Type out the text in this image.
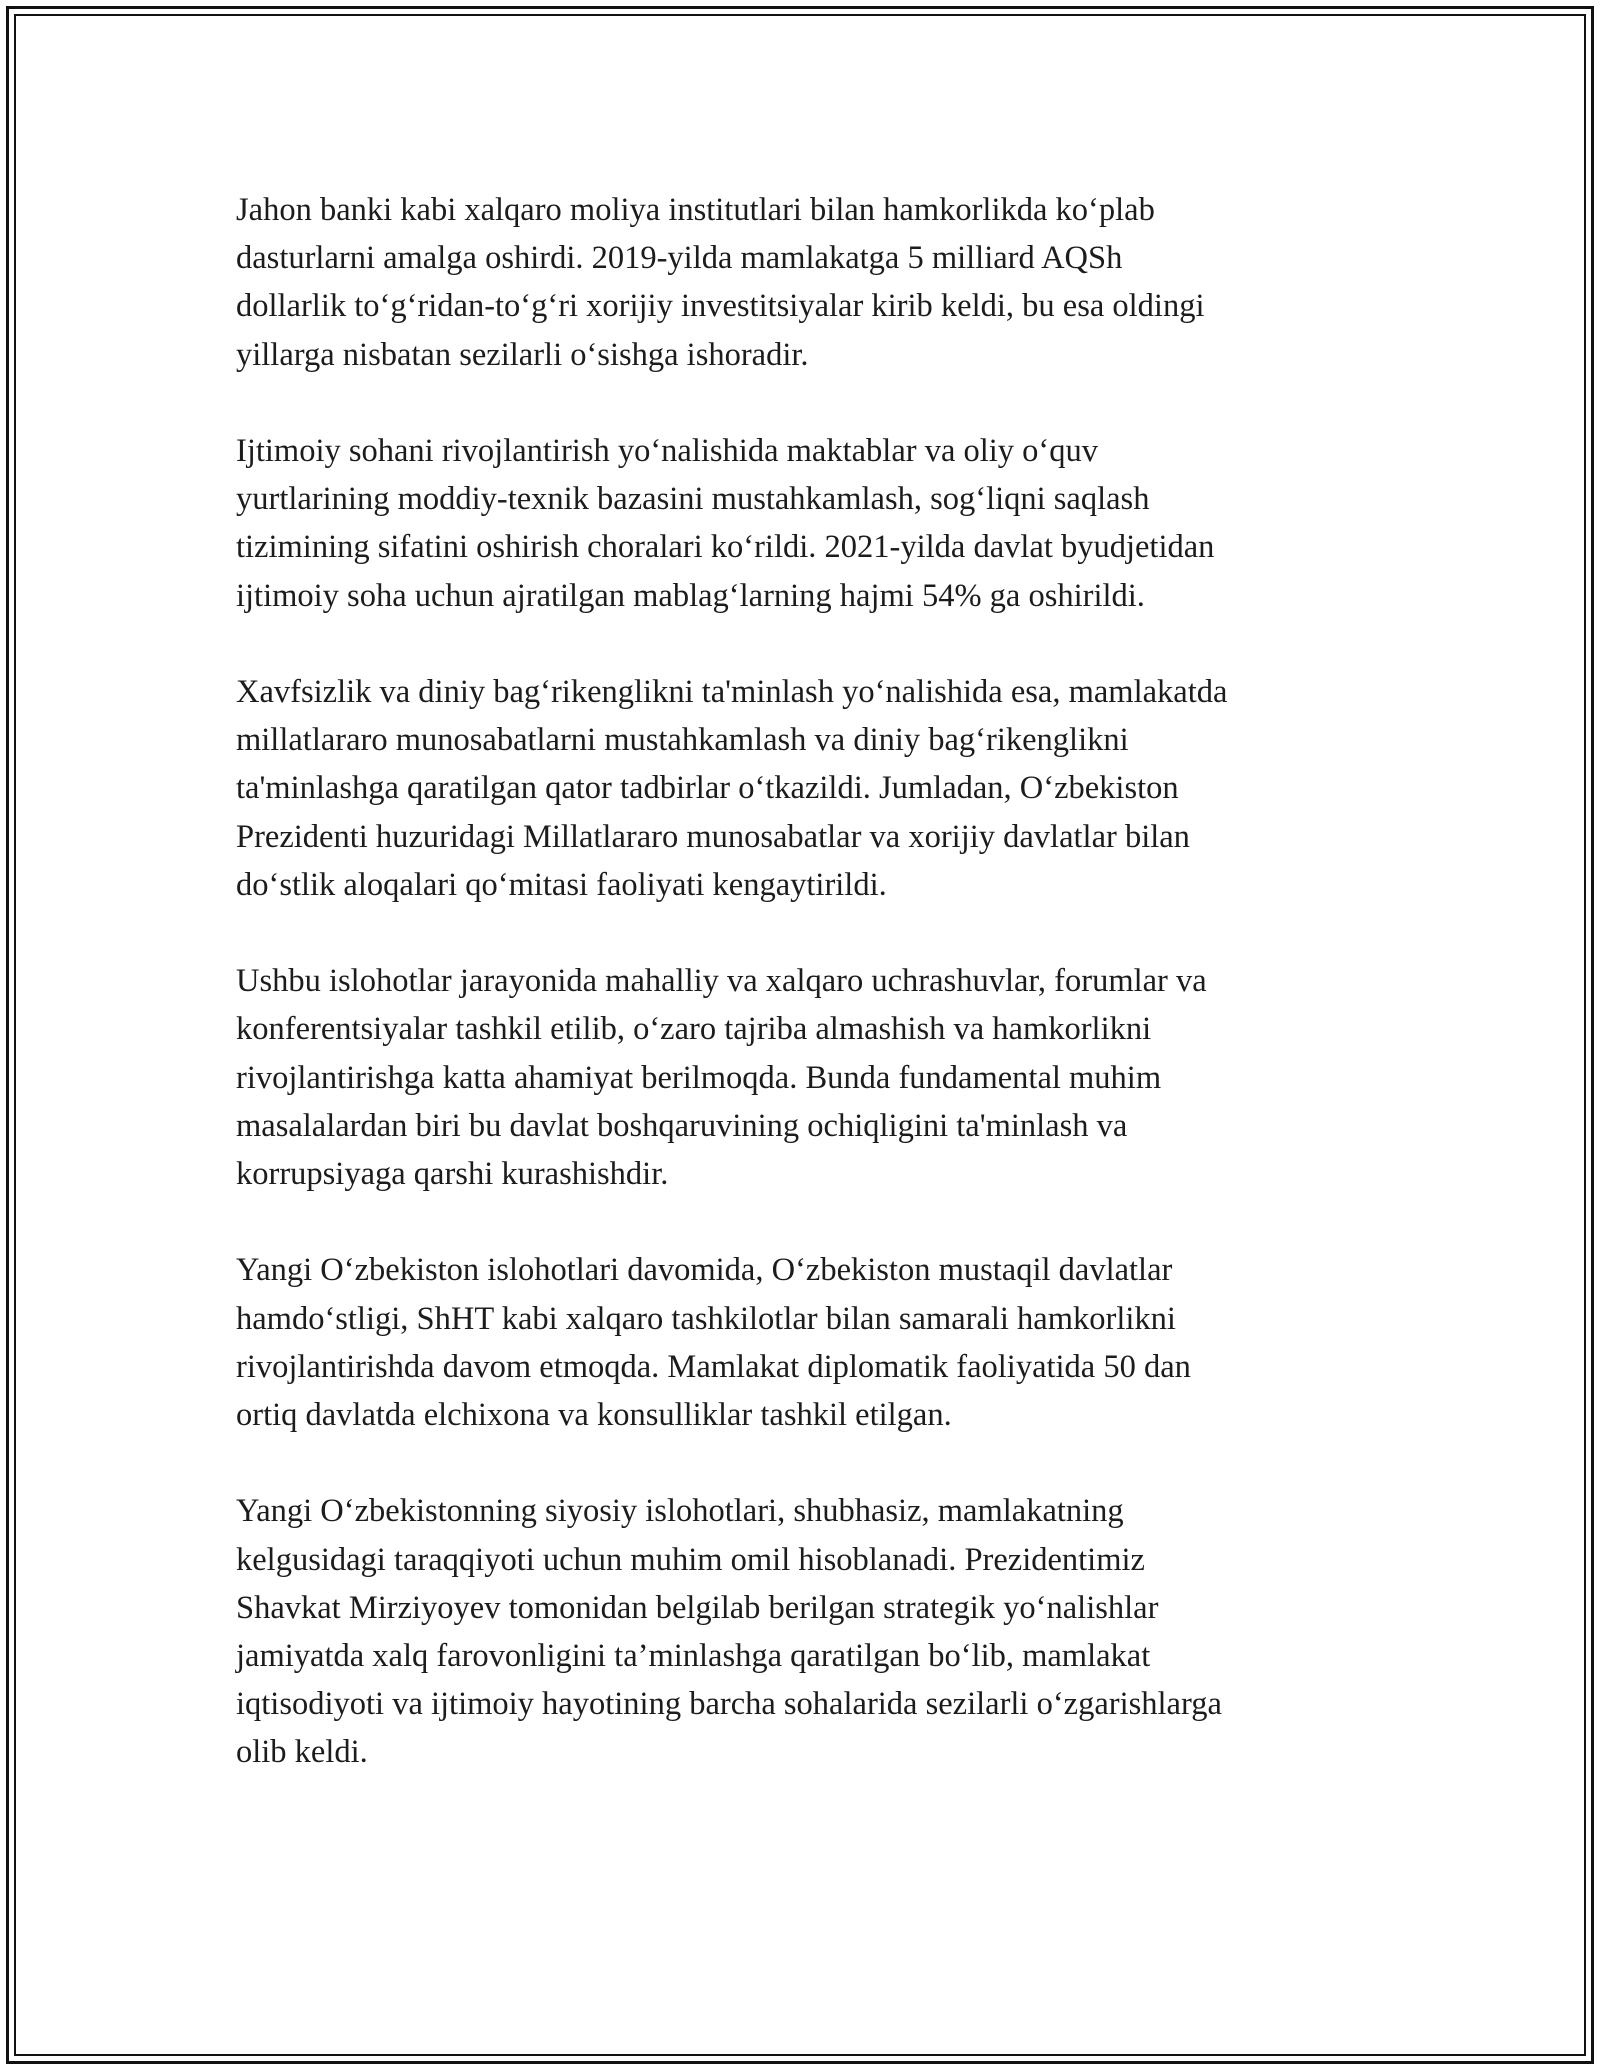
Jahon banki kabi xalqaro moliya institutlari bilan hamkorlikda ko‘plab
dasturlarni amalga oshirdi. 2019-yilda mamlakatga 5 milliard AQSh
dollarlik to‘g‘ridan-to‘g‘ri xorijiy investitsiyalar kirib keldi, bu esa oldingi
yillarga nisbatan sezilarli o‘sishga ishoradir.

Ijtimoiy sohani rivojlantirish yo‘nalishida maktablar va oliy o‘quv
yurtlarining moddiy-texnik bazasini mustahkamlash, sog‘liqni saqlash
tizimining sifatini oshirish choralari ko‘rildi. 2021-yilda davlat byudjetidan
ijtimoiy soha uchun ajratilgan mablag‘larning hajmi 54% ga oshirildi.

Xavfsizlik va diniy bag‘rikenglikni ta'minlash yo‘nalishida esa, mamlakatda
millatlararo munosabatlarni mustahkamlash va diniy bag‘rikenglikni
ta'minlashga qaratilgan qator tadbirlar o‘tkazildi. Jumladan, O‘zbekiston
Prezidenti huzuridagi Millatlararo munosabatlar va xorijiy davlatlar bilan
do‘stlik aloqalari qo‘mitasi faoliyati kengaytirildi.

Ushbu islohotlar jarayonida mahalliy va xalqaro uchrashuvlar, forumlar va
konferentsiyalar tashkil etilib, o‘zaro tajriba almashish va hamkorlikni
rivojlantirishga katta ahamiyat berilmoqda. Bunda fundamental muhim
masalalardan biri bu davlat boshqaruvining ochiqligini ta'minlash va
korrupsiyaga qarshi kurashishdir.

Yangi O‘zbekiston islohotlari davomida, O‘zbekiston mustaqil davlatlar
hamdo‘stligi, ShHT kabi xalqaro tashkilotlar bilan samarali hamkorlikni
rivojlantirishda davom etmoqda. Mamlakat diplomatik faoliyatida 50 dan
ortiq davlatda elchixona va konsulliklar tashkil etilgan.

Yangi O‘zbekistonning siyosiy islohotlari, shubhasiz, mamlakatning
kelgusidagi taraqqiyoti uchun muhim omil hisoblanadi. Prezidentimiz
Shavkat Mirziyoyev tomonidan belgilab berilgan strategik yo‘nalishlar
jamiyatda xalq farovonligini ta’minlashga qaratilgan bo‘lib, mamlakat
iqtisodiyoti va ijtimoiy hayotining barcha sohalarida sezilarli o‘zgarishlarga
olib keldi.
